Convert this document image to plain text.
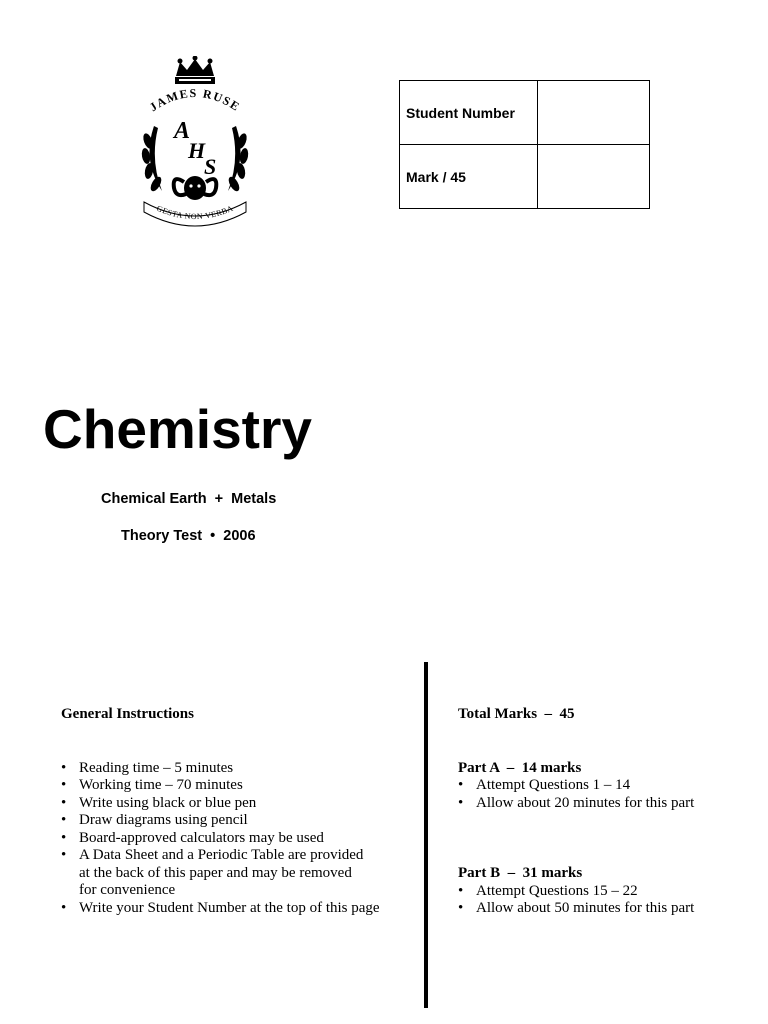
JAMES RUSE
A
H
S
GESTA NON VERBA
Student Number	
Mark / 45	
Chemistry
Chemical Earth  +  Metals
Theory Test  •  2006
General Instructions
• Reading time – 5 minutes
• Working time – 70 minutes
• Write using black or blue pen
• Draw diagrams using pencil
• Board-approved calculators may be used
• A Data Sheet and a Periodic Table are provided
at the back of this paper and may be removed
for convenience
• Write your Student Number at the top of this page
Total Marks  –  45
Part A  –  14 marks
• Attempt Questions 1 – 14
• Allow about 20 minutes for this part
Part B  –  31 marks
• Attempt Questions 15 – 22
• Allow about 50 minutes for this part
